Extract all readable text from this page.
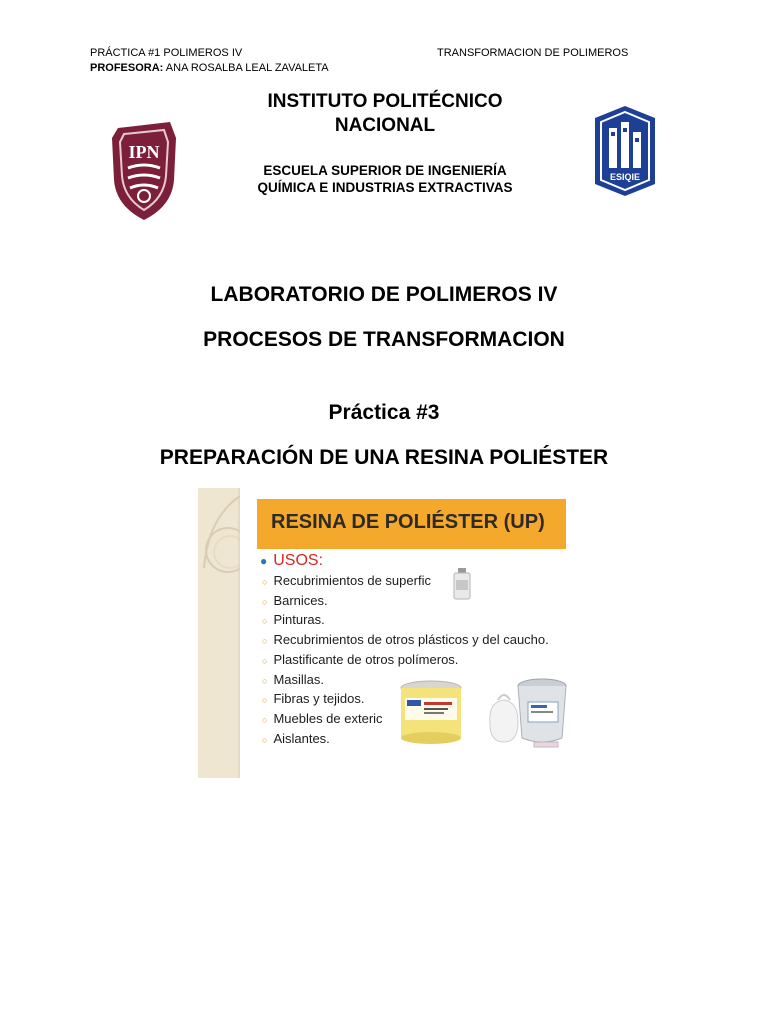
PRÁCTICA #1 POLIMEROS IV	TRANSFORMACION DE POLIMEROS
PROFESORA: ANA ROSALBA LEAL ZAVALETA
IPN
ESIQIE
INSTITUTO POLITÉCNICO
NACIONAL
ESCUELA SUPERIOR DE INGENIERÍA
QUÍMICA E INDUSTRIAS EXTRACTIVAS
LABORATORIO DE POLIMEROS IV
PROCESOS DE TRANSFORMACION
Práctica #3
PREPARACIÓN DE UNA RESINA POLIÉSTER
RESINA DE POLIÉSTER (UP)
● USOS:
○ Recubrimientos de superfic
○ Barnices.
○ Pinturas.
○ Recubrimientos de otros plásticos y del caucho.
○ Plastificante de otros polímeros.
○ Masillas.
○ Fibras y tejidos.
○ Muebles de exteric
○ Aislantes.
